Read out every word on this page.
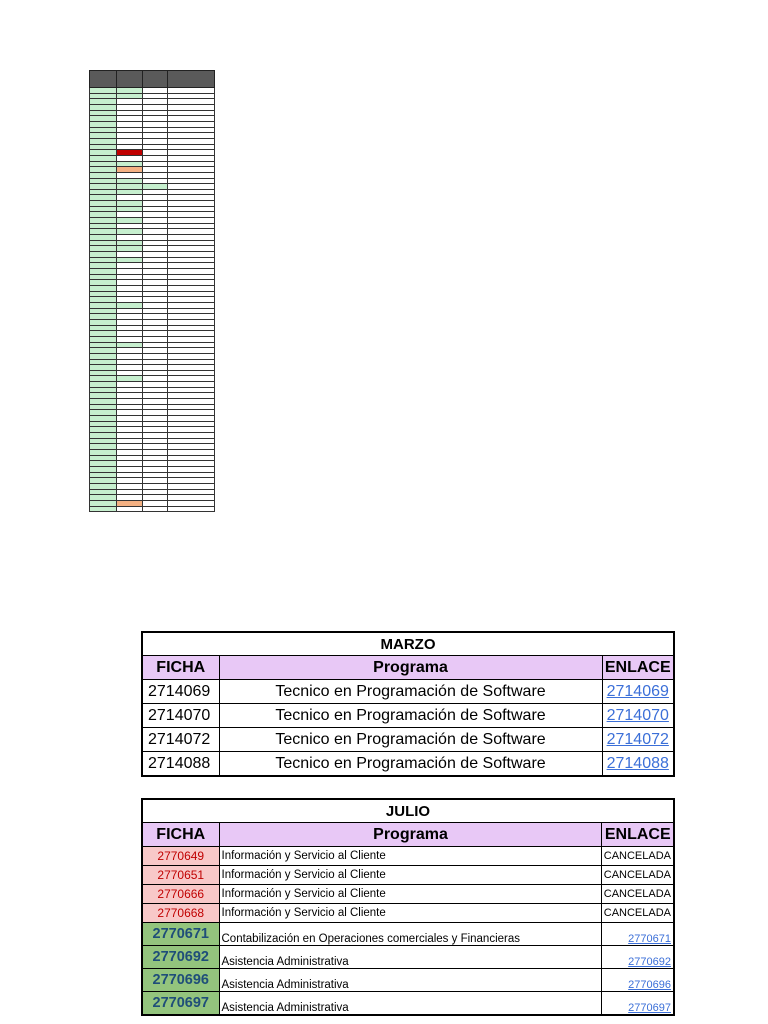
MARZO		
FICHA	Programa	ENLACE
2714069	Tecnico en Programación de Software	2714069
2714070	Tecnico en Programación de Software	2714070
2714072	Tecnico en Programación de Software	2714072
2714088	Tecnico en Programación de Software	2714088
JULIO		
FICHA	Programa	ENLACE
2770649	Información y Servicio al Cliente	CANCELADA
2770651	Información y Servicio al Cliente	CANCELADA
2770666	Información y Servicio al Cliente	CANCELADA
2770668	Información y Servicio al Cliente	CANCELADA
2770671	Contabilización en Operaciones comerciales y Financieras	2770671
2770692	Asistencia Administrativa	2770692
2770696	Asistencia Administrativa	2770696
2770697	Asistencia Administrativa	2770697
